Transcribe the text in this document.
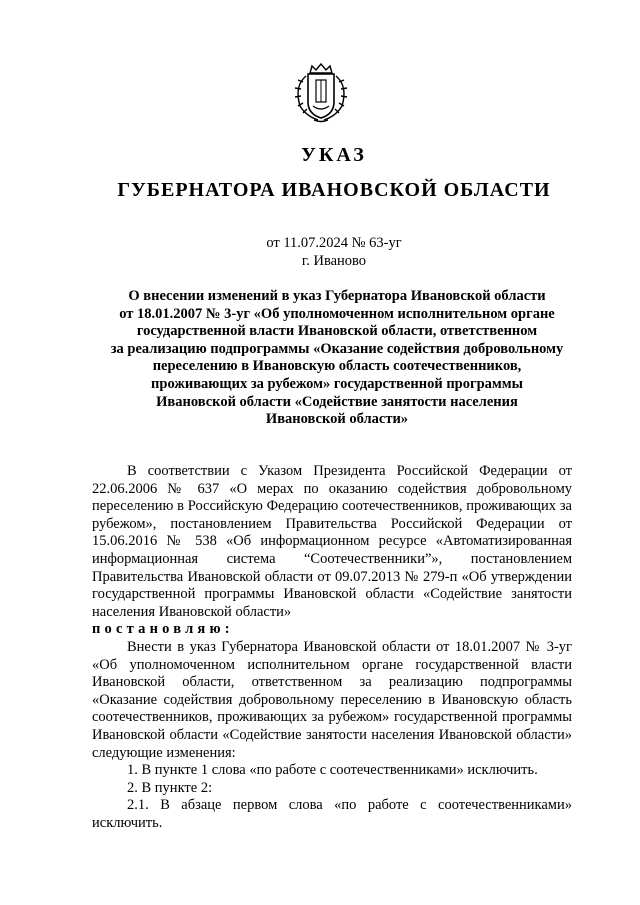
УКАЗ
ГУБЕРНАТОРА ИВАНОВСКОЙ ОБЛАСТИ
от 11.07.2024 № 63-уг
г. Иваново
О внесении изменений в указ Губернатора Ивановской области
от 18.01.2007 № 3-уг «Об уполномоченном исполнительном органе
государственной власти Ивановской области, ответственном
за реализацию подпрограммы «Оказание содействия добровольному
переселению в Ивановскую область соотечественников,
проживающих за рубежом» государственной программы
Ивановской области «Содействие занятости населения
Ивановской области»

В соответствии с Указом Президента Российской Федерации от 22.06.2006 № 637 «О мерах по оказанию содействия добровольному переселению в Российскую Федерацию соотечественников, проживающих за рубежом», постановлением Правительства Российской Федерации от 15.06.2016 № 538 «Об информационном ресурсе «Автоматизированная информационная система “Соотечественники”», постановлением Правительства Ивановской области от 09.07.2013 № 279-п «Об утверждении государственной программы Ивановской области «Содействие занятости населения Ивановской области»

постановляю:

Внести в указ Губернатора Ивановской области от 18.01.2007 № 3-уг «Об уполномоченном исполнительном органе государственной власти Ивановской области, ответственном за реализацию подпрограммы «Оказание содействия добровольному переселению в Ивановскую область соотечественников, проживающих за рубежом» государственной программы Ивановской области «Содействие занятости населения Ивановской области» следующие изменения:

1. В пункте 1 слова «по работе с соотечественниками» исключить.

2. В пункте 2:

2.1. В абзаце первом слова «по работе с соотечественниками» исключить.
